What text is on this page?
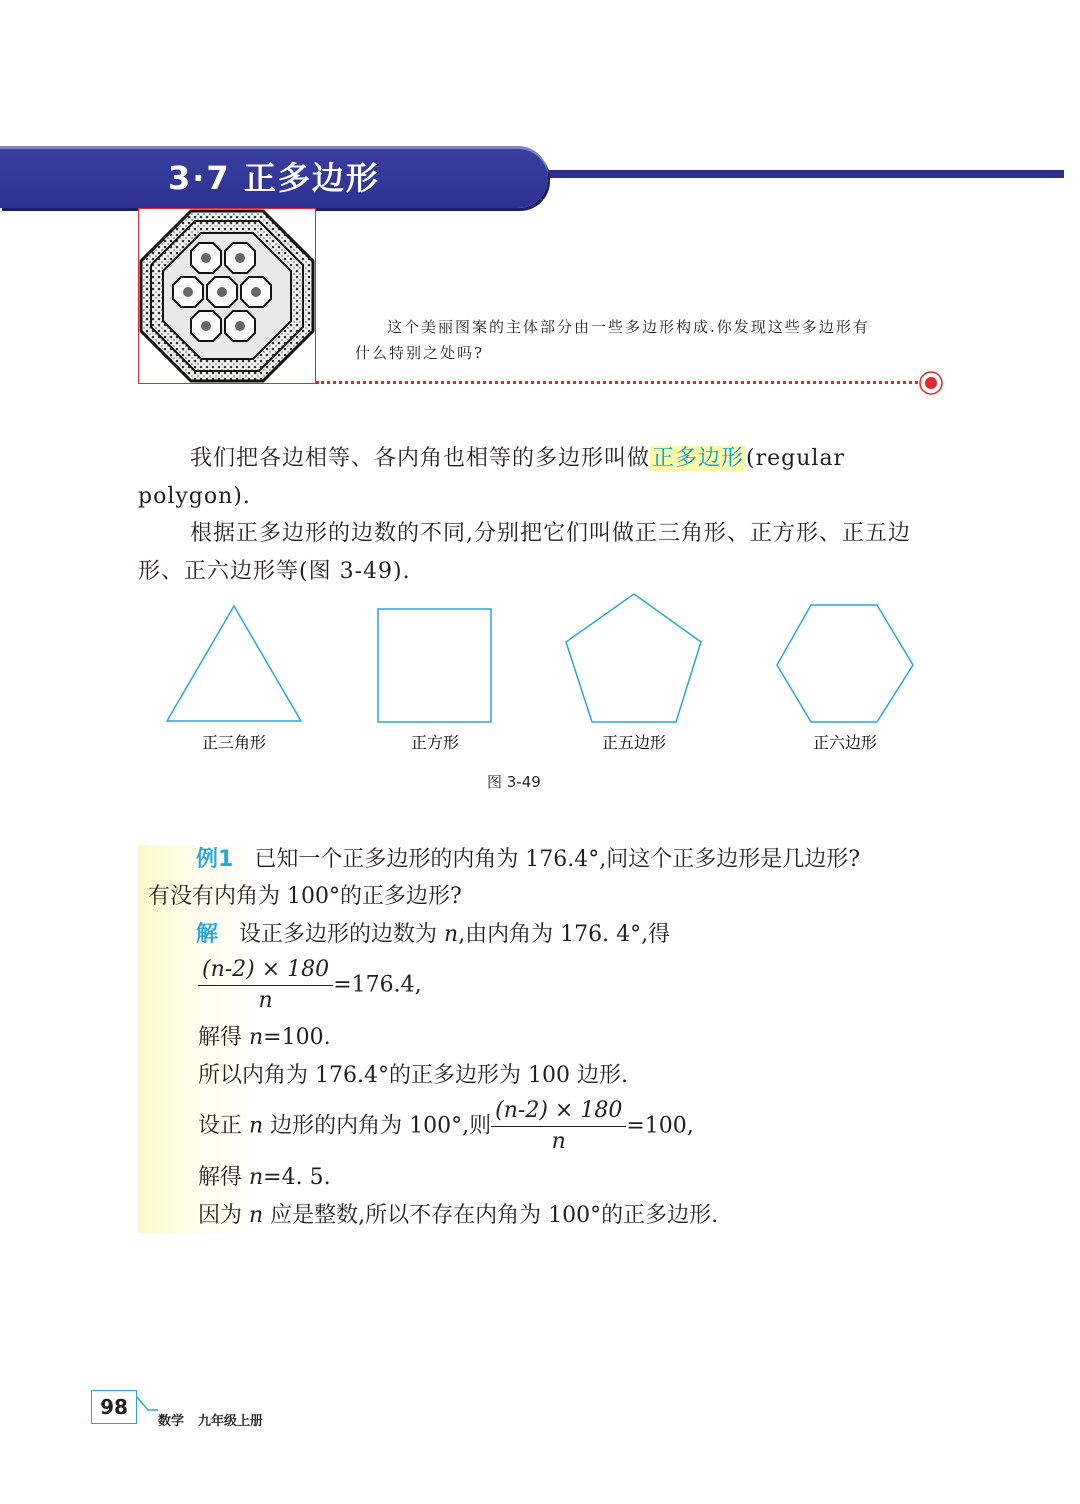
3·7 正多边形

这个美丽图案的主体部分由一些多边形构成.你发现这些多边形有

什么特别之处吗?

我们把各边相等、各内角也相等的多边形叫做正多边形(regular polygon).

根据正多边形的边数的不同,分别把它们叫做正三角形、正方形、正五边形、正六边形等(图 3-49).

正三角形	正方形	正五边形	正六边形
图 3-49
例1 已知一个正多边形的内角为 176.4°,问这个正多边形是几边形?
有没有内角为 100°的正多边形?
解 设正多边形的边数为 n,由内角为 176. 4°,得
$\frac{(n-2) \times 180}{n} =176.4$,
解得 n=100.
所以内角为 176.4°的正多边形为 100 边形.
设正 n 边形的内角为 100°,则 $\frac{(n-2) \times 180}{n} =100$,
解得 n=4. 5.
因为 n 应是整数,所以不存在内角为 100°的正多边形.
98
数学 九年级上册
